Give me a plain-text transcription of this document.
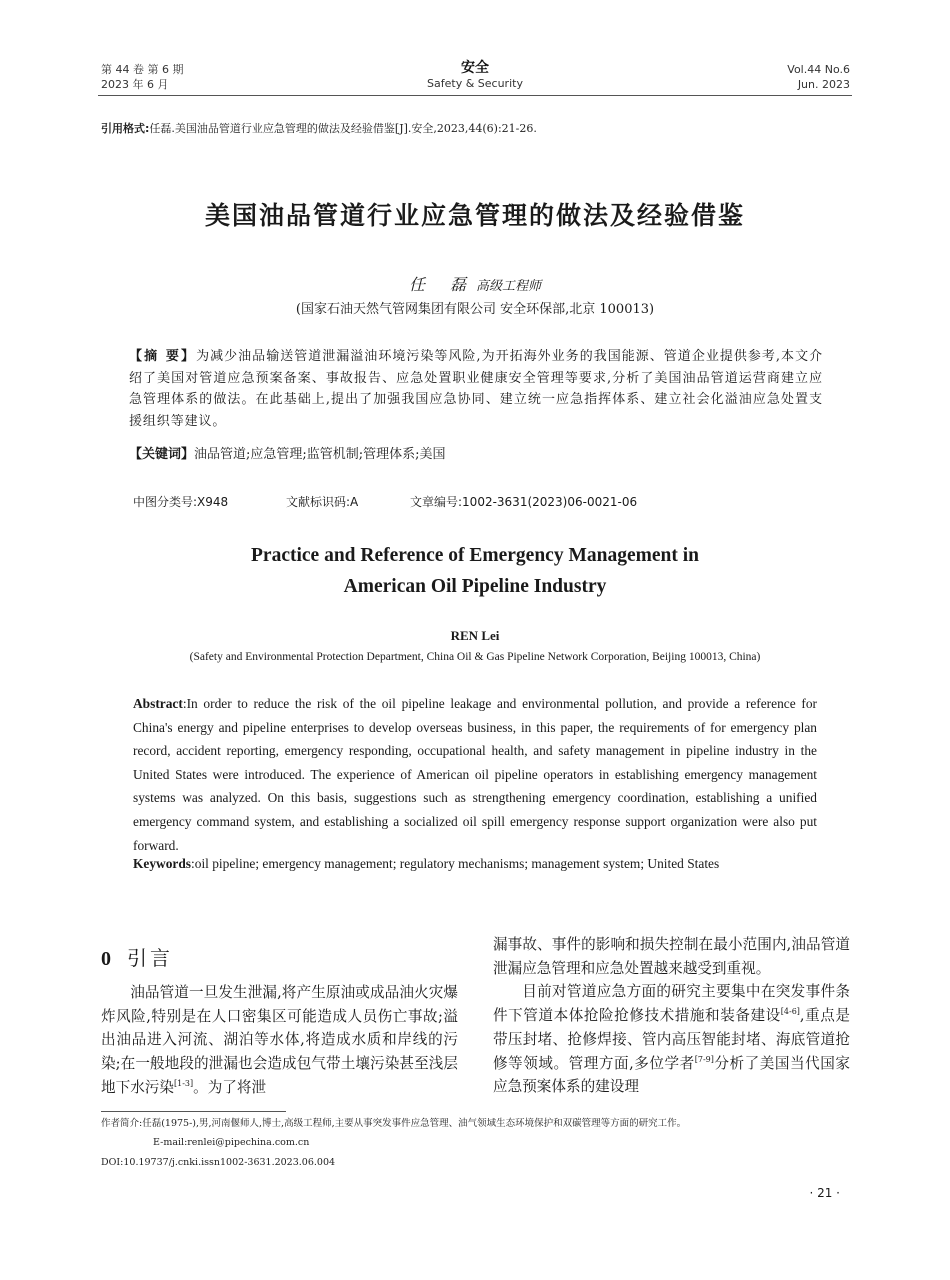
第 44 卷 第 6 期
2023 年 6 月
安全
Safety & Security
Vol.44 No.6
Jun. 2023
引用格式:任磊.美国油品管道行业应急管理的做法及经验借鉴[J].安全,2023,44(6):21-26.
美国油品管道行业应急管理的做法及经验借鉴
任 磊高级工程师
(国家石油天然气管网集团有限公司 安全环保部,北京 100013)
【摘 要】为减少油品输送管道泄漏溢油环境污染等风险,为开拓海外业务的我国能源、管道企业提供参考,本文介绍了美国对管道应急预案备案、事故报告、应急处置职业健康安全管理等要求,分析了美国油品管道运营商建立应急管理体系的做法。在此基础上,提出了加强我国应急协同、建立统一应急指挥体系、建立社会化溢油应急处置支援组织等建议。
【关键词】油品管道;应急管理;监管机制;管理体系;美国
中图分类号:X948	文献标识码:A	文章编号:1002-3631(2023)06-0021-06
Practice and Reference of Emergency Management in
American Oil Pipeline Industry
REN Lei
(Safety and Environmental Protection Department, China Oil & Gas Pipeline Network Corporation, Beijing 100013, China)
Abstract:In order to reduce the risk of the oil pipeline leakage and environmental pollution, and provide a reference for China's energy and pipeline enterprises to develop overseas business, in this paper, the requirements of for emergency plan record, accident reporting, emergency responding, occupational health, and safety management in pipeline industry in the United States were introduced. The experience of American oil pipeline operators in establishing emergency management systems was analyzed. On this basis, suggestions such as strengthening emergency coordination, establishing a unified emergency command system, and establishing a socialized oil spill emergency response support organization were also put forward.
Keywords:oil pipeline; emergency management; regulatory mechanisms; management system; United States
0 引言

油品管道一旦发生泄漏,将产生原油或成品油火灾爆炸风险,特别是在人口密集区可能造成人员伤亡事故;溢出油品进入河流、湖泊等水体,将造成水质和岸线的污染;在一般地段的泄漏也会造成包气带土壤污染甚至浅层地下水污染[1-3]。为了将泄

漏事故、事件的影响和损失控制在最小范围内,油品管道泄漏应急管理和应急处置越来越受到重视。

目前对管道应急方面的研究主要集中在突发事件条件下管道本体抢险抢修技术措施和装备建设[4-6],重点是带压封堵、抢修焊接、管内高压智能封堵、海底管道抢修等领域。管理方面,多位学者[7-9]分析了美国当代国家应急预案体系的建设理

作者简介:任磊(1975-),男,河南偃师人,博士,高级工程师,主要从事突发事件应急管理、油气领域生态环境保护和双碳管理等方面的研究工作。
E-mail:renlei@pipechina.com.cn
DOI:10.19737/j.cnki.issn1002-3631.2023.06.004
· 21 ·
